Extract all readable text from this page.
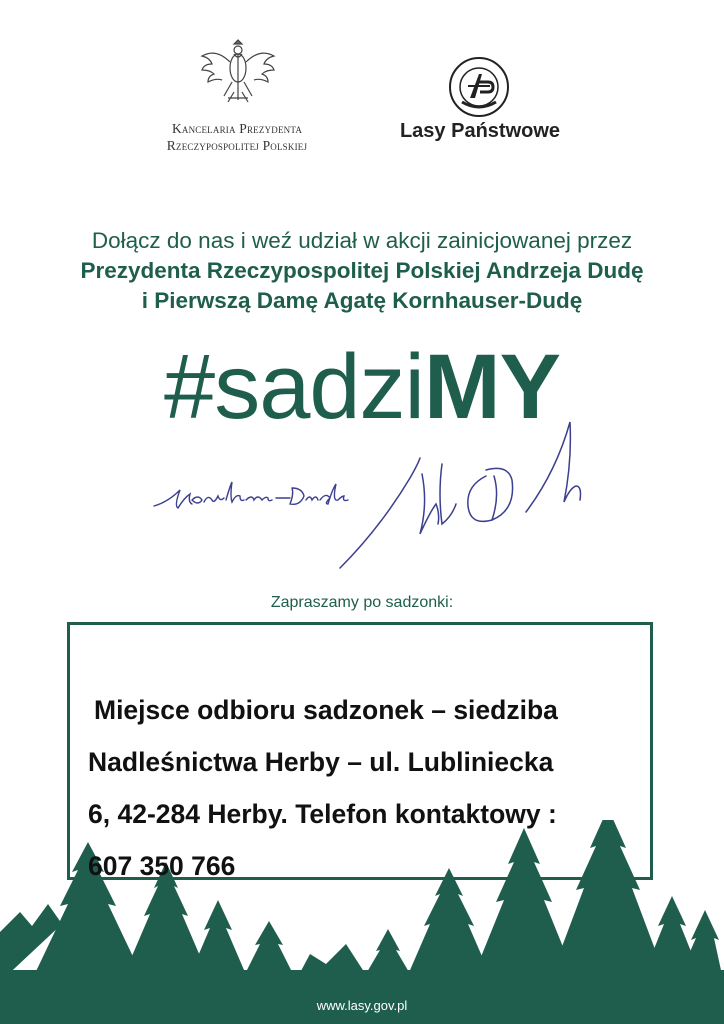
Kancelaria Prezydenta
Rzeczypospolitej Polskiej
Lasy Państwowe
Dołącz do nas i weź udział w akcji zainicjowanej przez
Prezydenta Rzeczypospolitej Polskiej Andrzeja Dudę
i Pierwszą Damę Agatę Kornhauser-Dudę
#sadziMY
Zapraszamy po sadzonki:
Miejsce odbioru sadzonek – siedziba
Nadleśnictwa Herby – ul. Lubliniecka
6, 42-284 Herby. Telefon kontaktowy :
607 350 766
www.lasy.gov.pl
